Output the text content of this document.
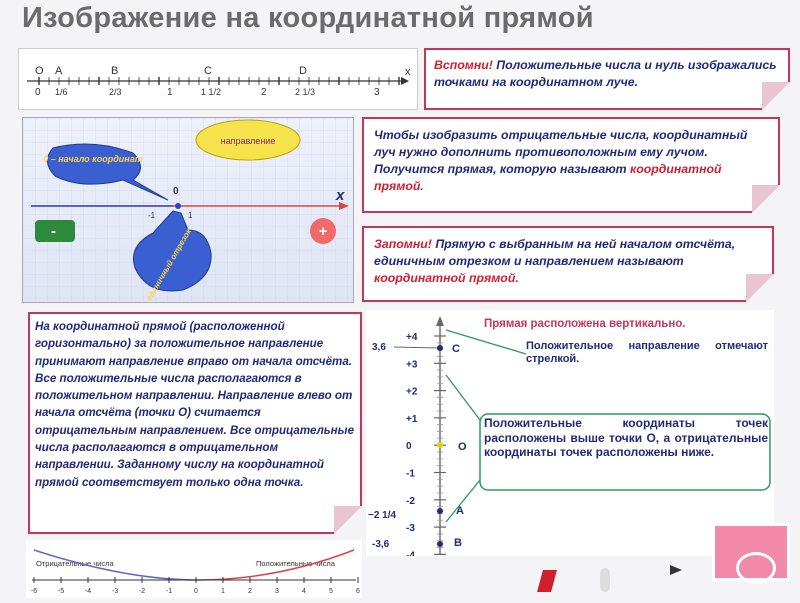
Изображение на координатной прямой
O A	B	C	D	x
0 1/6	2/3	1	1 1/2	2	2 1/3	3
Вспомни! Положительные числа и нуль изображались точками на координатном луче.
направление
0 – начало координат
x
0
-1	1
единичный отрезок
-	+
Чтобы изобразить отрицательные числа, координатный луч нужно дополнить противоположным ему лучом. Получится прямая, которую называют координатной прямой.
Запомни! Прямую с выбранным на ней началом отсчёта, единичным отрезком и направлением называют координатной прямой.
На координатной прямой (расположенной горизонтально) за положительное направление принимают направление вправо от начала отсчёта. Все положительные числа располагаются в положительном направлении. Направление влево от начала отсчёта (точки О) считается отрицательным направлением. Все отрицательные числа располагаются в отрицательном направлении. Заданному числу на координатной прямой соответствует только одна точка.
Прямая расположена вертикально.
+4
+3
+2
+1
0
-1
-2
-3
-4
3,6	C
O
−2 1/4	A
-3,6	B
Положительное направление отмечают стрелкой.
Положительные координаты точек расположены выше точки О, а отрицательные координаты точек расположены ниже.
Отрицательные числа	Положительные числа
-6	-5	-4	-3	-2	-1	0	1	2	3	4	5	6
